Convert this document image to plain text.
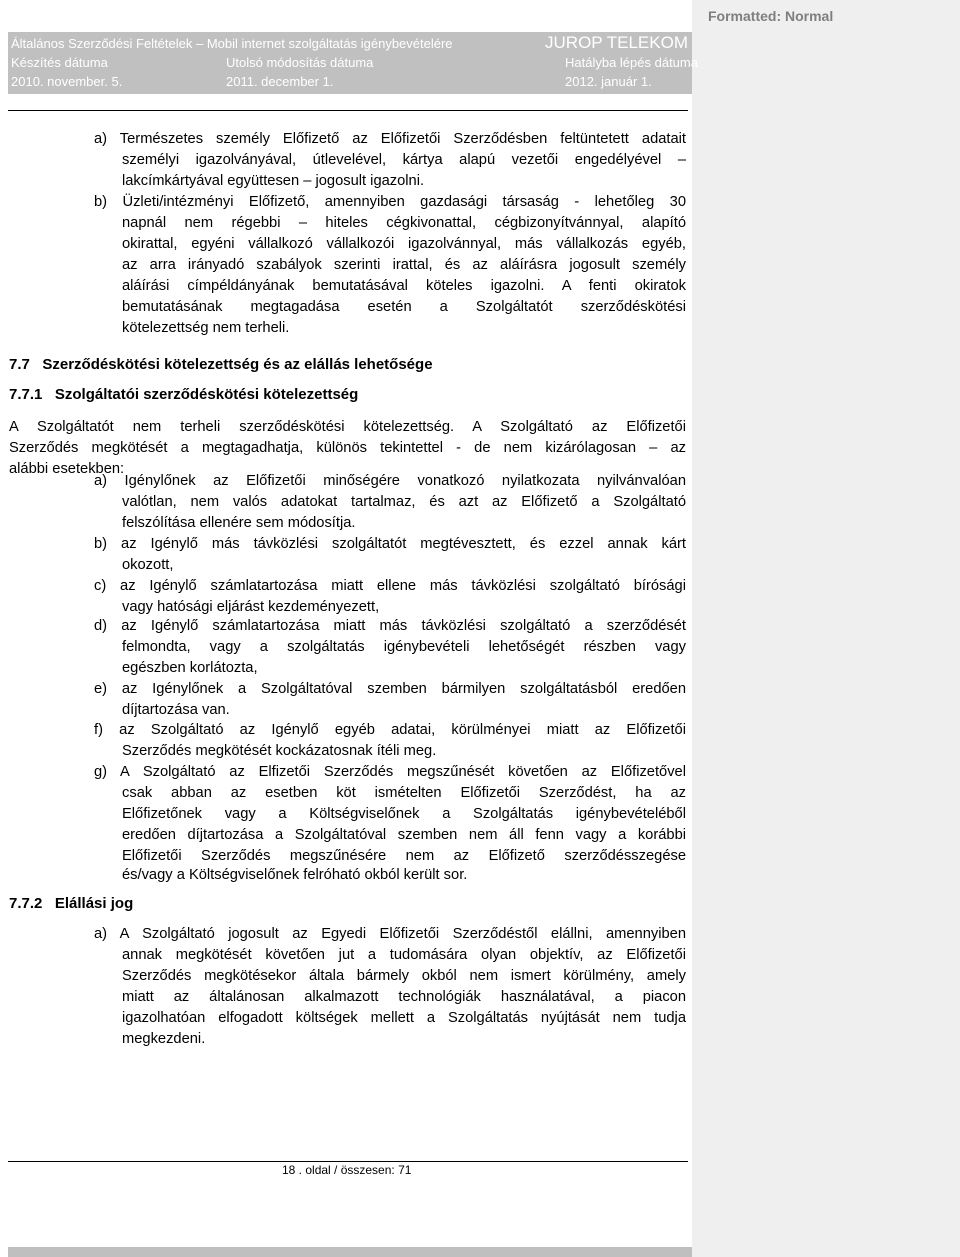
Formatted: Normal
Általános Szerződési Feltételek – Mobil internet szolgáltatás igénybevételére	JUROP TELEKOM
Készítés dátuma	Utolsó módosítás dátuma	Hatályba lépés dátuma
2010. november. 5.	2011. december 1.	2012. január 1.
a) Természetes személy Előfizető az Előfizetői Szerződésben feltüntetett adatait
személyi igazolványával, útlevelével, kártya alapú vezetői engedélyével –
lakcímkártyával együttesen – jogosult igazolni.
b) Üzleti/intézményi Előfizető, amennyiben gazdasági társaság - lehetőleg 30
napnál nem régebbi – hiteles cégkivonattal, cégbizonyítvánnyal, alapító
okirattal, egyéni vállalkozó vállalkozói igazolvánnyal, más vállalkozás egyéb,
az arra irányadó szabályok szerinti irattal, és az aláírásra jogosult személy
aláírási címpéldányának bemutatásával köteles igazolni. A fenti okiratok
bemutatásának megtagadása esetén a Szolgáltatót szerződéskötési
kötelezettség nem terheli.
7.7   Szerződéskötési kötelezettség és az elállás lehetősége
7.7.1   Szolgáltatói szerződéskötési kötelezettség
A Szolgáltatót nem terheli szerződéskötési kötelezettség. A Szolgáltató az Előfizetői
Szerződés megkötését a megtagadhatja, különös tekintettel - de nem kizárólagosan – az
alábbi esetekben:
a) Igénylőnek az Előfizetői minőségére vonatkozó nyilatkozata nyilvánvalóan
valótlan, nem valós adatokat tartalmaz, és azt az Előfizető a Szolgáltató
felszólítása ellenére sem módosítja.
b) az Igénylő más távközlési szolgáltatót megtévesztett, és ezzel annak kárt
okozott,
c) az Igénylő számlatartozása miatt ellene más távközlési szolgáltató bírósági
vagy hatósági eljárást kezdeményezett,
d) az Igénylő számlatartozása miatt más távközlési szolgáltató a szerződését
felmondta, vagy a szolgáltatás igénybevételi lehetőségét részben vagy
egészben korlátozta,
e) az Igénylőnek a Szolgáltatóval szemben bármilyen szolgáltatásból eredően
díjtartozása van.
f) az Szolgáltató az Igénylő egyéb adatai, körülményei miatt az Előfizetői
Szerződés megkötését kockázatosnak ítéli meg.
g) A Szolgáltató az Elfizetői Szerződés megszűnését követően az Előfizetővel
csak abban az esetben köt ismételten Előfizetői Szerződést, ha az
Előfizetőnek vagy a Költségviselőnek a Szolgáltatás igénybevételéből
eredően díjtartozása a Szolgáltatóval szemben nem áll fenn vagy a korábbi
Előfizetői Szerződés megszűnésére nem az Előfizető szerződésszegése
és/vagy a Költségviselőnek felróható okból került sor.
7.7.2   Elállási jog
a) A Szolgáltató jogosult az Egyedi Előfizetői Szerződéstől elállni, amennyiben
annak megkötését követően jut a tudomására olyan objektív, az Előfizetői
Szerződés megkötésekor általa bármely okból nem ismert körülmény, amely
miatt az általánosan alkalmazott technológiák használatával, a piacon
igazolhatóan elfogadott költségek mellett a Szolgáltatás nyújtását nem tudja
megkezdeni.
18 . oldal / összesen: 71
